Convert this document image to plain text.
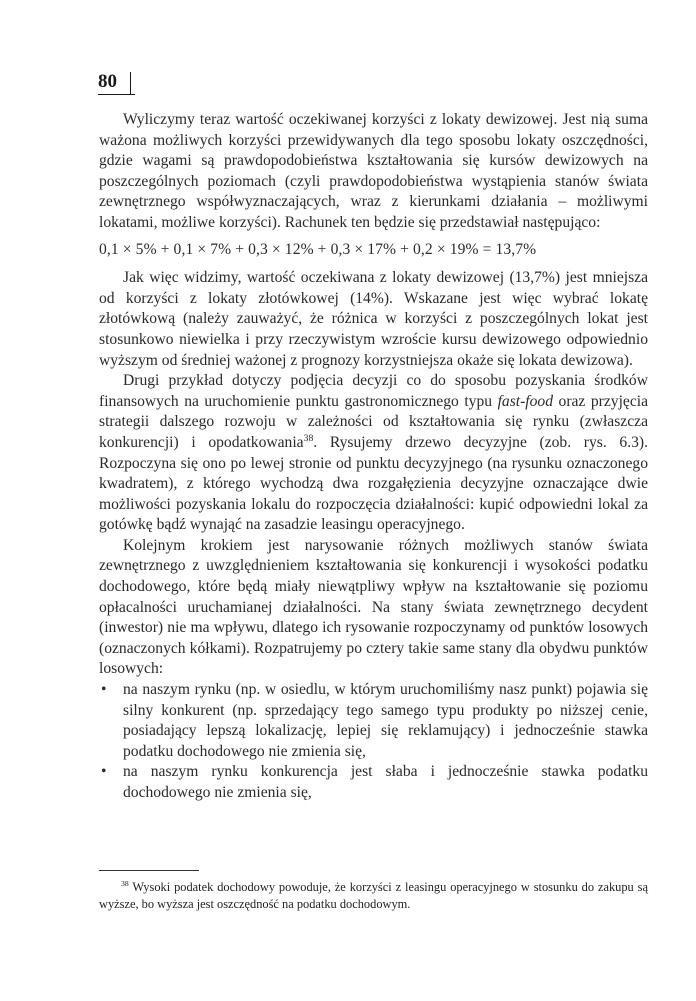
80

Wyliczymy teraz wartość oczekiwanej korzyści z lokaty dewizowej. Jest nią suma ważona możliwych korzyści przewidywanych dla tego sposobu lokaty oszczędności, gdzie wagami są prawdopodobieństwa kształtowania się kursów dewizowych na poszczególnych poziomach (czyli prawdopodobieństwa wystąpienia stanów świata zewnętrznego współwyznaczających, wraz z kierunkami działania – możliwymi lokatami, możliwe korzyści). Rachunek ten będzie się przedstawiał następująco:

0,1 × 5% + 0,1 × 7% + 0,3 × 12% + 0,3 × 17% + 0,2 × 19% = 13,7%

Jak więc widzimy, wartość oczekiwana z lokaty dewizowej (13,7%) jest mniejsza od korzyści z lokaty złotówkowej (14%). Wskazane jest więc wybrać lokatę złotówkową (należy zauważyć, że różnica w korzyści z poszczególnych lokat jest stosunkowo niewielka i przy rzeczywistym wzroście kursu dewizowego odpowiednio wyższym od średniej ważonej z prognozy korzystniejsza okaże się lokata dewizowa).

Drugi przykład dotyczy podjęcia decyzji co do sposobu pozyskania środków finansowych na uruchomienie punktu gastronomicznego typu fast-food oraz przyjęcia strategii dalszego rozwoju w zależności od kształtowania się rynku (zwłaszcza konkurencji) i opodatkowania$^{38}$. Rysujemy drzewo decyzyjne (zob. rys. 6.3). Rozpoczyna się ono po lewej stronie od punktu decyzyjnego (na rysunku oznaczonego kwadratem), z którego wychodzą dwa rozgałęzienia decyzyjne oznaczające dwie możliwości pozyskania lokalu do rozpoczęcia działalności: kupić odpowiedni lokal za gotówkę bądź wynająć na zasadzie leasingu operacyjnego.

Kolejnym krokiem jest narysowanie różnych możliwych stanów świata zewnętrznego z uwzględnieniem kształtowania się konkurencji i wysokości podatku dochodowego, które będą miały niewątpliwy wpływ na kształtowanie się poziomu opłacalności uruchamianej działalności. Na stany świata zewnętrznego decydent (inwestor) nie ma wpływu, dlatego ich rysowanie rozpoczynamy od punktów losowych (oznaczonych kółkami). Rozpatrujemy po cztery takie same stany dla obydwu punktów losowych:

• na naszym rynku (np. w osiedlu, w którym uruchomiliśmy nasz punkt) pojawia się silny konkurent (np. sprzedający tego samego typu produkty po niższej cenie, posiadający lepszą lokalizację, lepiej się reklamujący) i jednocześnie stawka podatku dochodowego nie zmienia się,
• na naszym rynku konkurencja jest słaba i jednocześnie stawka podatku dochodowego nie zmienia się,

$^{38}$ Wysoki podatek dochodowy powoduje, że korzyści z leasingu operacyjnego w stosunku do zakupu są wyższe, bo wyższa jest oszczędność na podatku dochodowym.
